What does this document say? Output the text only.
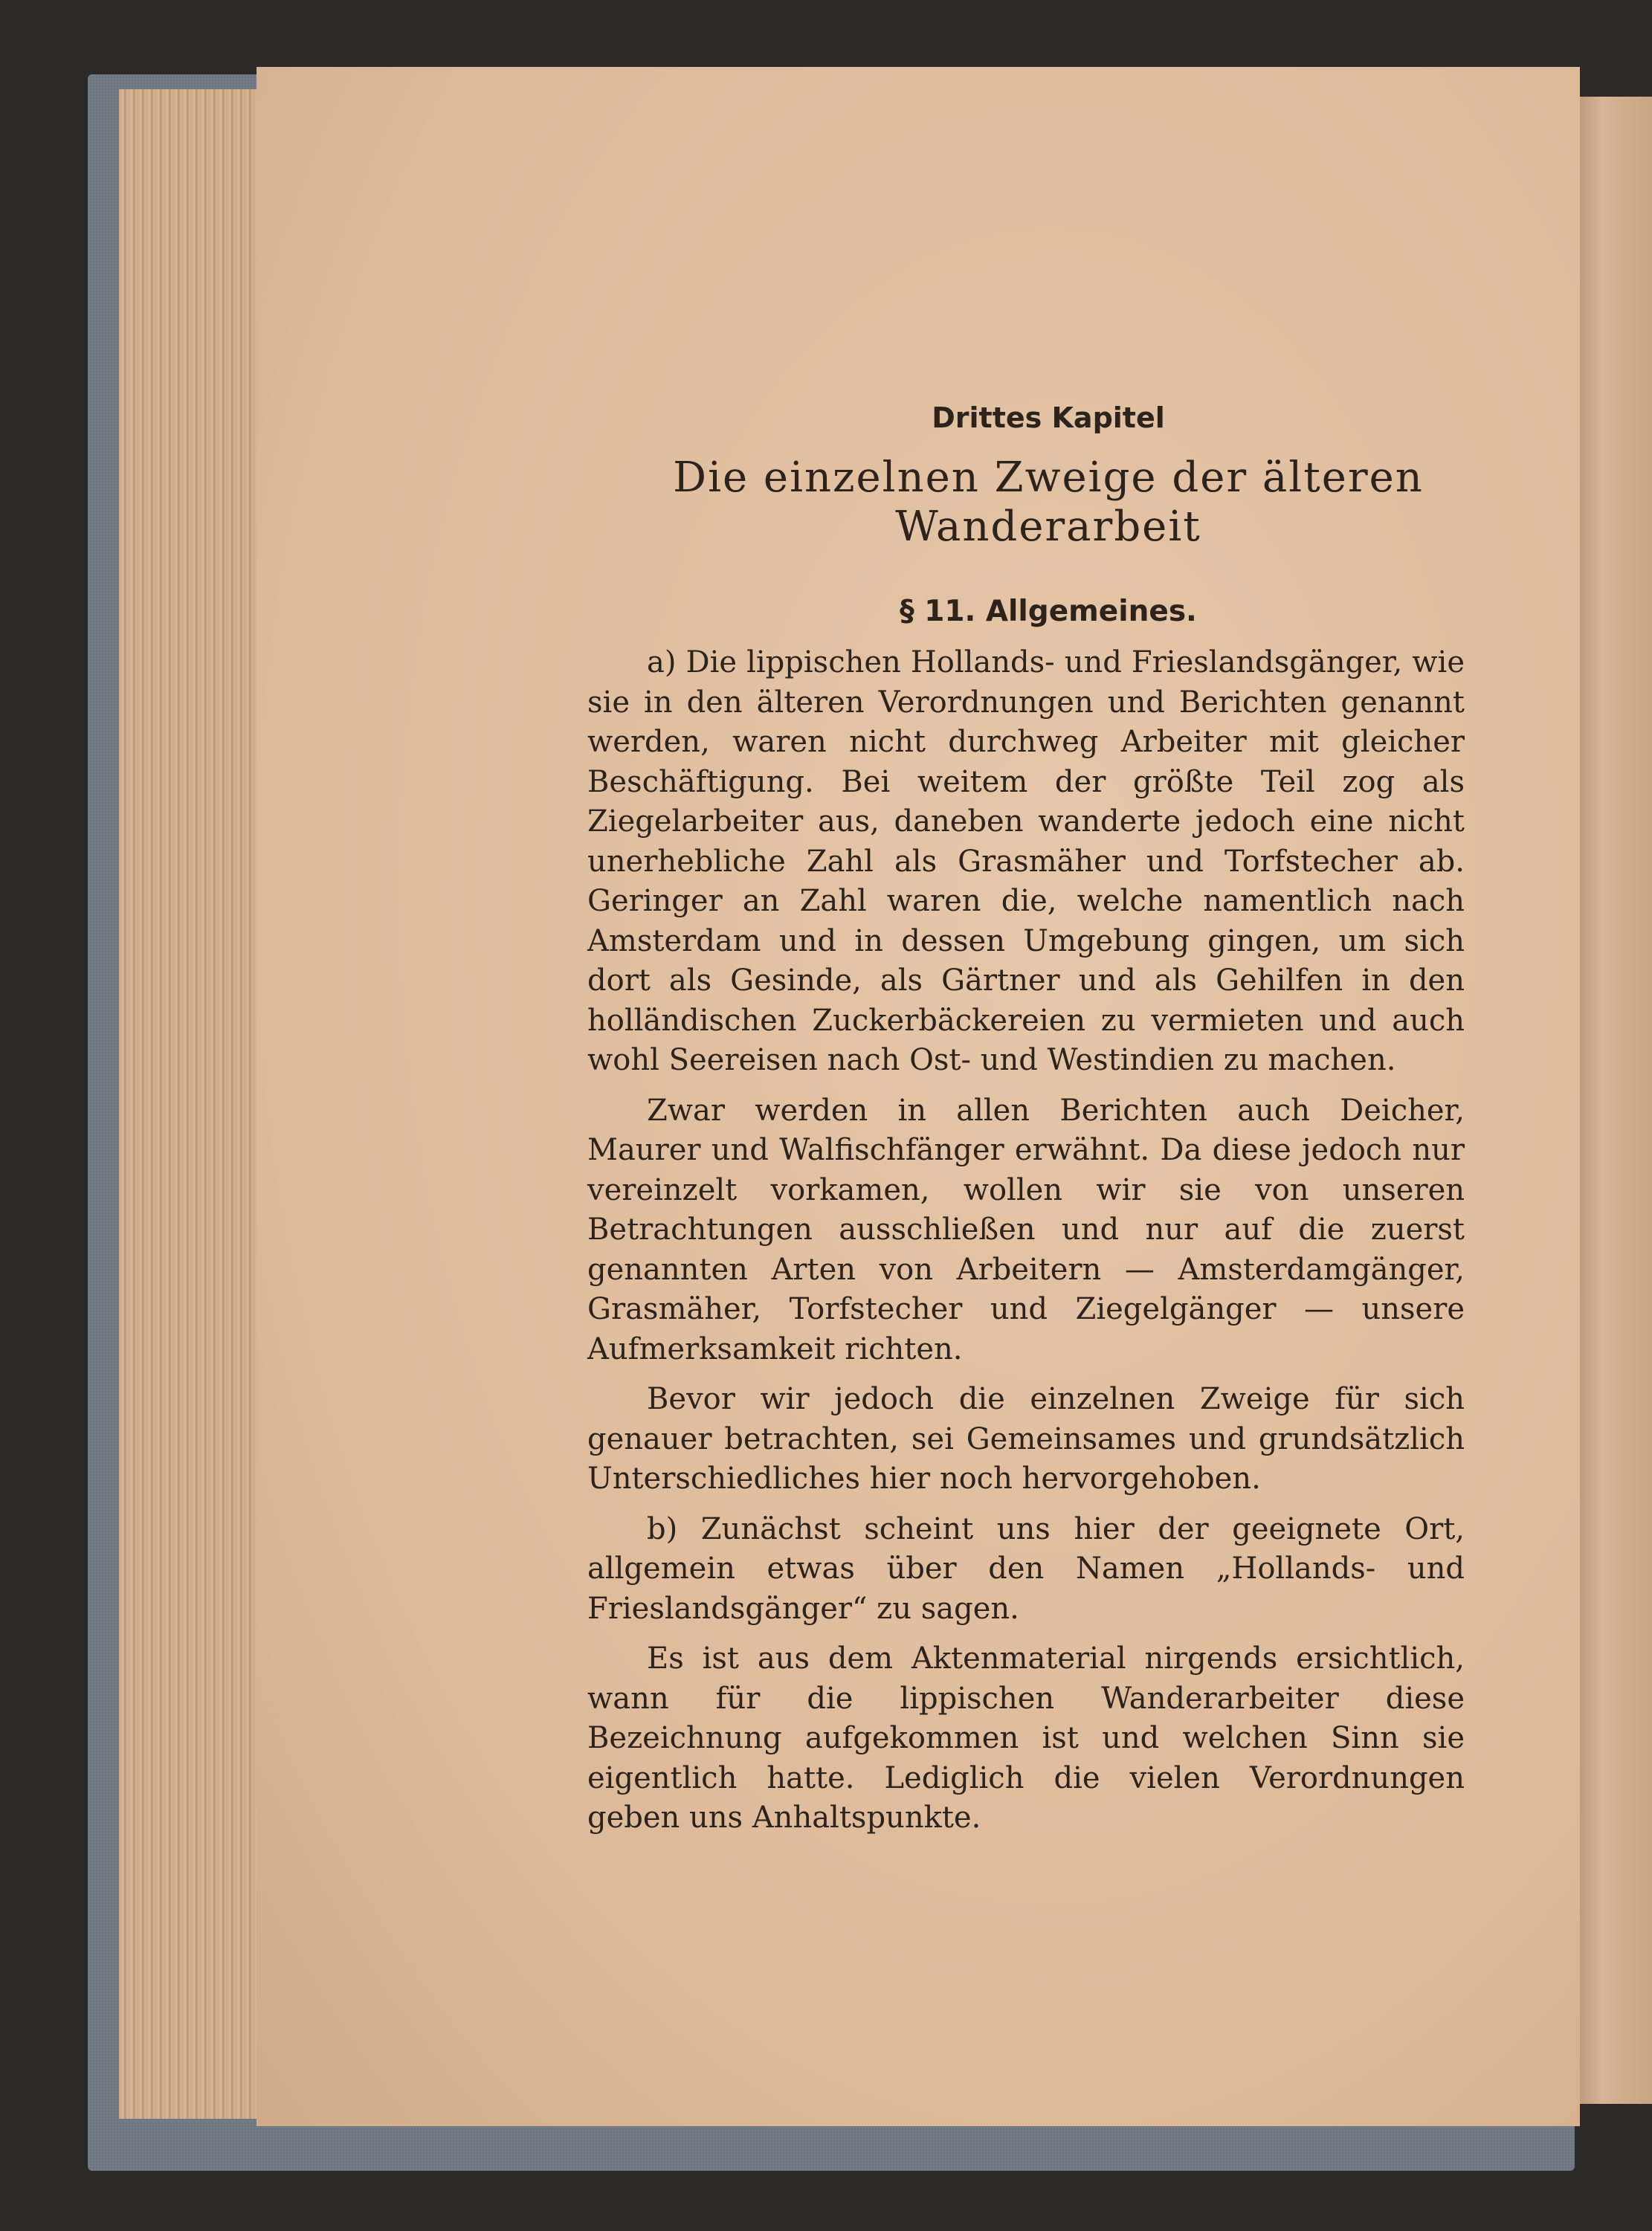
Drittes Kapitel
Die einzelnen Zweige der älteren
Wanderarbeit
§ 11. Allgemeines.

a) Die lippischen Hollands- und Frieslandsgänger, wie sie in den älteren Verordnungen und Berichten genannt werden, waren nicht durchweg Arbeiter mit gleicher Beschäftigung. Bei weitem der größte Teil zog als Ziegelarbeiter aus, daneben wanderte jedoch eine nicht unerhebliche Zahl als Grasmäher und Torfstecher ab. Geringer an Zahl waren die, welche namentlich nach Amsterdam und in dessen Umgebung gingen, um sich dort als Gesinde, als Gärtner und als Gehilfen in den holländischen Zuckerbäckereien zu vermieten und auch wohl Seereisen nach Ost- und Westindien zu machen.

Zwar werden in allen Berichten auch Deicher, Maurer und Walfischfänger erwähnt. Da diese jedoch nur vereinzelt vorkamen, wollen wir sie von unseren Betrachtungen ausschließen und nur auf die zuerst genannten Arten von Arbeitern — Amsterdamgänger, Grasmäher, Torfstecher und Ziegelgänger — unsere Aufmerksamkeit richten.

Bevor wir jedoch die einzelnen Zweige für sich genauer betrachten, sei Gemeinsames und grundsätzlich Unterschiedliches hier noch hervorgehoben.

b) Zunächst scheint uns hier der geeignete Ort, allgemein etwas über den Namen „Hollands- und Frieslandsgänger“ zu sagen.

Es ist aus dem Aktenmaterial nirgends ersichtlich, wann für die lippischen Wanderarbeiter diese Bezeichnung aufgekommen ist und welchen Sinn sie eigentlich hatte. Lediglich die vielen Verordnungen geben uns Anhaltspunkte.
